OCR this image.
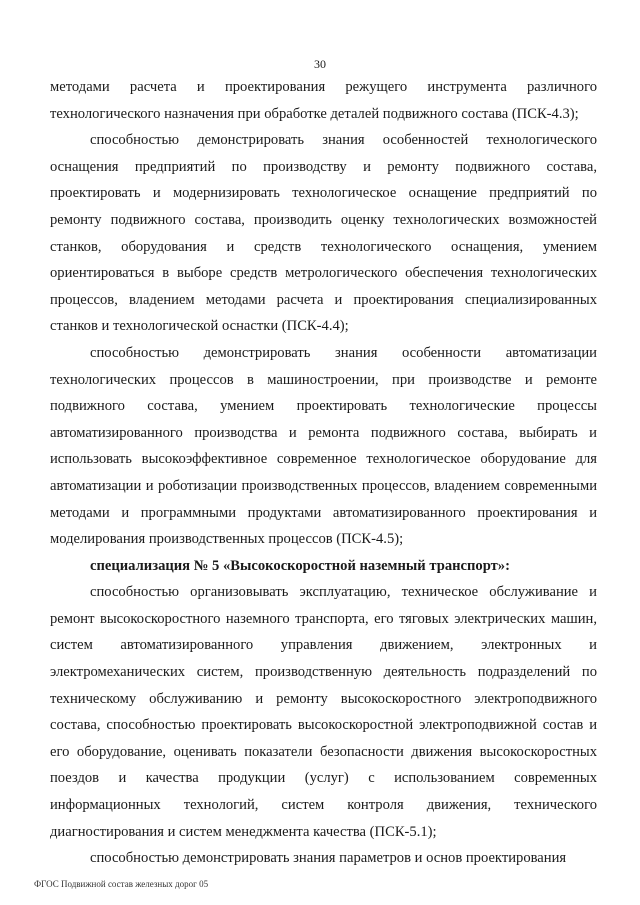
30

методами расчета и проектирования режущего инструмента различного технологического назначения при обработке деталей подвижного состава (ПСК-4.3);

способностью демонстрировать знания особенностей технологического оснащения предприятий по производству и ремонту подвижного состава, проектировать и модернизировать технологическое оснащение предприятий по ремонту подвижного состава, производить оценку технологических возможностей станков, оборудования и средств технологического оснащения, умением ориентироваться в выборе средств метрологического обеспечения технологических процессов, владением методами расчета и проектирования специализированных станков и технологической оснастки (ПСК-4.4);

способностью демонстрировать знания особенности автоматизации технологических процессов в машиностроении, при производстве и ремонте подвижного состава, умением проектировать технологические процессы автоматизированного производства и ремонта подвижного состава, выбирать и использовать высокоэффективное современное технологическое оборудование для автоматизации и роботизации производственных процессов, владением современными методами и программными продуктами автоматизированного проектирования и моделирования производственных процессов (ПСК-4.5);

специализация № 5 «Высокоскоростной наземный транспорт»:

способностью организовывать эксплуатацию, техническое обслуживание и ремонт высокоскоростного наземного транспорта, его тяговых электрических машин, систем автоматизированного управления движением, электронных и электромеханических систем, производственную деятельность подразделений по техническому обслуживанию и ремонту высокоскоростного электроподвижного состава, способностью проектировать высокоскоростной электроподвижной состав и его оборудование, оценивать показатели безопасности движения высокоскоростных поездов и качества продукции (услуг) с использованием современных информационных технологий, систем контроля движения, технического диагностирования и систем менеджмента качества (ПСК-5.1);

способностью демонстрировать знания параметров и основ проектирования

ФГОС Подвижной состав железных дорог 05
